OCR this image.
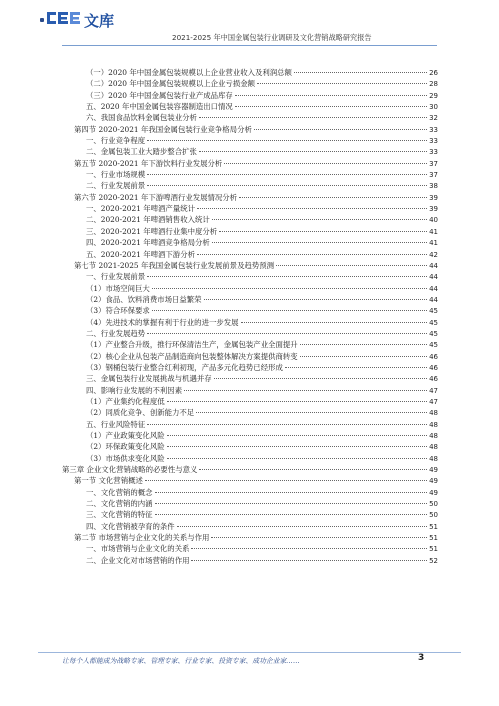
文库
2021-2025 年中国金属包装行业调研及文化营销战略研究报告
（一）2020 年中国金属包装规模以上企业营业收入及利润总额	26
（二）2020 年中国金属包装规模以上企业亏损金额	28
（三）2020 年中国金属包装行业产成品库存	29
五、2020 年中国金属包装容器制造出口情况	30
六、我国食品饮料金属包装业分析	32
第四节 2020-2021 年我国金属包装行业竞争格局分析	33
一、行业竞争程度	33
二、金属包装工业大踏步整合扩张	33
第五节 2020-2021 年下游饮料行业发展分析	37
一、行业市场规模	37
二、行业发展前景	38
第六节 2020-2021 年下游啤酒行业发展情况分析	39
一、2020-2021 年啤酒产量统计	39
二、2020-2021 年啤酒销售收入统计	40
三、2020-2021 年啤酒行业集中度分析	41
四、2020-2021 年啤酒竞争格局分析	41
五、2020-2021 年啤酒下游分析	42
第七节 2021-2025 年我国金属包装行业发展前景及趋势预测	44
一、行业发展前景	44
（1）市场空间巨大	44
（2）食品、饮料消费市场日益繁荣	44
（3）符合环保要求	45
（4）先进技术的掌握有利于行业的进一步发展	45
二、行业发展趋势	45
（1）产业整合升级，推行环保清洁生产，金属包装产业全面提升	45
（2）核心企业从包装产品制造商向包装整体解决方案提供商转变	46
（3）钢桶包装行业整合红利初现，产品多元化趋势已经形成	46
三、金属包装行业发展挑战与机遇并存	46
四、影响行业发展的不利因素	47
（1）产业集约化程度低	47
（2）同质化竞争、创新能力不足	48
五、行业风险特征	48
（1）产业政策变化风险	48
（2）环保政策变化风险	48
（3）市场供求变化风险	48
第三章 企业文化营销战略的必要性与意义	49
第一节 文化营销概述	49
一、文化营销的概念	49
二、文化营销的内涵	50
三、文化营销的特征	50
四、文化营销被孕育的条件	51
第二节 市场营销与企业文化的关系与作用	51
一、市场营销与企业文化的关系	51
二、企业文化对市场营销的作用	52
让每个人都能成为战略专家、管理专家、行业专家、投资专家、成功企业家……	3
